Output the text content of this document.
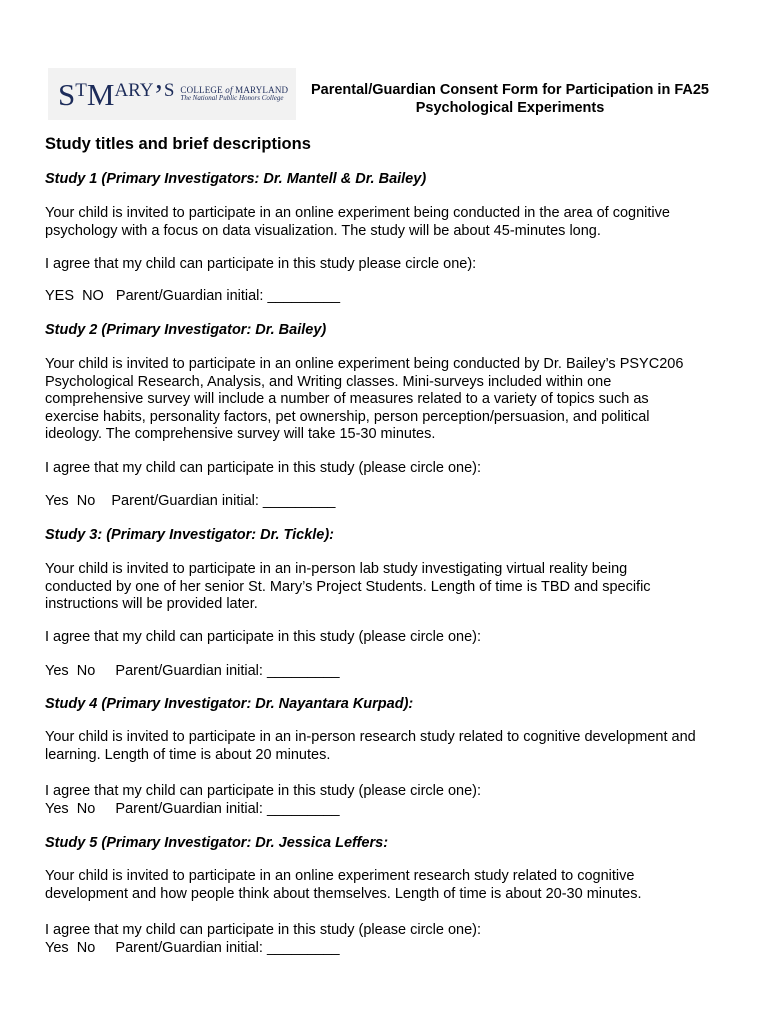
$S^TM^{ARY}’^S$ COLLEGE of MARYLAND
The National Public Honors College
Parental/Guardian Consent Form for Participation in FA25
Psychological Experiments
Study titles and brief descriptions
Study 1 (Primary Investigators: Dr. Mantell & Dr. Bailey)
Your child is invited to participate in an online experiment being conducted in the area of cognitive
psychology with a focus on data visualization. The study will be about 45-minutes long.
I agree that my child can participate in this study please circle one):
YES NO Parent/Guardian initial: _________
Study 2 (Primary Investigator: Dr. Bailey)
Your child is invited to participate in an online experiment being conducted by Dr. Bailey’s PSYC206
Psychological Research, Analysis, and Writing classes. Mini-surveys included within one
comprehensive survey will include a number of measures related to a variety of topics such as
exercise habits, personality factors, pet ownership, person perception/persuasion, and political
ideology. The comprehensive survey will take 15-30 minutes.
I agree that my child can participate in this study (please circle one):
Yes No Parent/Guardian initial: _________
Study 3: (Primary Investigator: Dr. Tickle):
Your child is invited to participate in an in-person lab study investigating virtual reality being
conducted by one of her senior St. Mary’s Project Students. Length of time is TBD and specific
instructions will be provided later.
I agree that my child can participate in this study (please circle one):
Yes No Parent/Guardian initial: _________
Study 4 (Primary Investigator: Dr. Nayantara Kurpad):
Your child is invited to participate in an in-person research study related to cognitive development and
learning. Length of time is about 20 minutes.
I agree that my child can participate in this study (please circle one):
Yes No Parent/Guardian initial: _________
Study 5 (Primary Investigator: Dr. Jessica Leffers:
Your child is invited to participate in an online experiment research study related to cognitive
development and how people think about themselves. Length of time is about 20-30 minutes.
I agree that my child can participate in this study (please circle one):
Yes No Parent/Guardian initial: _________
